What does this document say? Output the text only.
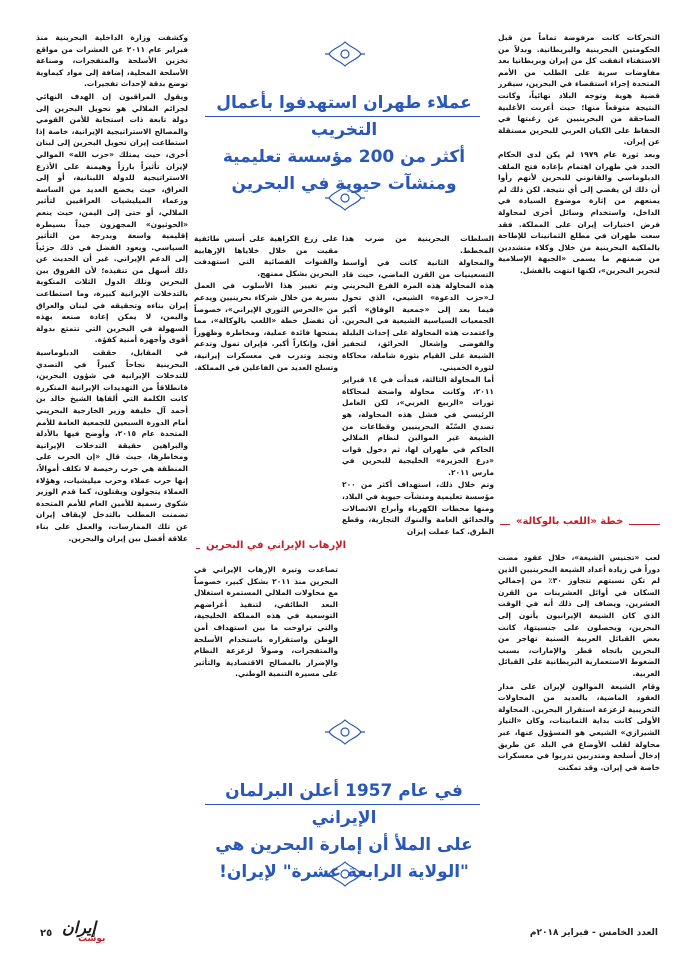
التحركات كانت مرفوضة تماماً من قبل الحكومتين البحرينية والبريطانية. وبدلاً من الاستفتاء اتفقت كل من إيران وبريطانيا بعد مفاوضات سرية على الطلب من الأمم المتحدة إجراء استقصاء في البحرين، سيقرر قضية هوية وتوجه البلاد نهائياً، وكانت النتيجة متوقعاً منها؛ حيث أعربت الأغلبية الساحقة من البحرينيين عن رغبتها في الحفاظ على الكيان العربي للبحرين مستقلة عن إيران.

وبعد ثورة عام ١٩٧٩ لم يكن لدى الحكام الجدد في طهران اهتمام بإعادة فتح الملف الدبلوماسي والقانوني للبحرين لأنهم رأوا أن ذلك لن يفضي إلى أي نتيجة. لكن ذلك لم يمنعهم من إثارة موضوع السيادة في الداخل، واستخدام وسائل أخرى لمحاولة فرض اختيارات إيران على المملكة. فقد سعت طهران في مطلع الثمانينات للإطاحة بالملكية البحرينية من خلال وكلاء متشددين من ضمنهم ما يسمى «الجبهة الإسلامية لتحرير البحرين»، لكنها انتهت بالفشل.

خطة «اللعب بالوكالة»

لعب «تجنيس الشيعة»، خلال عقود مضت دوراً في زيادة أعداد الشيعة البحرينيين الذين لم تكن نسبتهم تتجاوز ٣٠٪ من إجمالي السكان في أوائل العشرينات من القرن العشرين. ويضاف إلى ذلك أنه في الوقت الذي كان الشيعة الإيرانيون يأتون إلى البحرين، ويحصلون على جنسيتها، كانت بعض القبائل العربية السنية تهاجر من البحرين باتجاه قطر والإمارات، بسبب الضغوط الاستعمارية البريطانية على القبائل العربية.

وقام الشيعة الموالون لإيران على مدار العقود الماضية، بالعديد من المحاولات التخريبية لزعزعة استقرار البحرين. المحاولة الأولى كانت بداية الثمانينات، وكان «التيار الشيرازي» الشيعي هو المسؤول عنها، عبر محاولة لقلب الأوضاع في البلد عن طريق إدخال أسلحة ومتدربين تدربوا في معسكرات خاصة في إيران. وقد تمكنت

عملاء طهران استهدفوا بأعمال التخريب
أكثر من 200 مؤسسة تعليمية
ومنشآت حيوية في البحرين

السلطات البحرينية من ضرب هذا المخطط.

والمحاولة الثانية كانت في أواسط التسعينيات من القرن الماضي، حيث قاد هذه المحاولة هذه المرة الفرع البحريني لـ«حزب الدعوة» الشيعي، الذي تحول فيما بعد إلى «جمعية الوفاق» أكبر الجمعيات السياسية الشيعية في البحرين. واعتمدت هذه المحاولة على إحداث البلبلة والفوضى وإشعال الحرائق، لتحفيز الشيعة على القيام بثورة شاملة، محاكاة لثورة الخميني.

أما المحاولة الثالثة، فبدأت في ١٤ فبراير ٢٠١١، وكانت محاولة واضحة لمحاكاة ثورات «الربيع العربي»، لكن العامل الرئيسي في فشل هذه المحاولة، هو تصدي السّنّة البحرينيين وقطاعات من الشيعة غير الموالين لنظام الملالي الحاكم في طهران لها، ثم دخول قوات «درع الجزيرة» الخليجية للبحرين في مارس ٢٠١١.

وتم خلال ذلك، استهداف أكثر من ٢٠٠ مؤسسة تعليمية ومنشآت حيوية في البلاد، ومنها محطات الكهرباء وأبراج الاتصالات والحدائق العامة والبنوك التجارية، وقطع الطرق. كما عملت إيران

على زرع الكراهية على أسس طائفية مقيت من خلال خلاياها الإرهابية والقنوات الفضائية التي استهدفت البحرين بشكل ممنهج.

وتم تغيير هذا الأسلوب في العمل بسرية من خلال شركاء بحرينيين ويدعم من «الحرس الثوري الإيراني»، خصوصاً أن تفضل خطة «اللعب بالوكالة»، مما يمنحها فائدة عملية، ومخاطرة وظهوراً أقل، وإنكاراً أكبر. فإيران تمول وتدعم وتجند وتدرب في معسكرات إيرانية، وتسلح العديد من الفاعلين في المملكة.

الإرهاب الإيراني في البحرين

تصاعدت وتيرة الإرهاب الإيراني في البحرين منذ ٢٠١١ بشكل كبير، خصوصاً مع محاولات الملالي المستمرة استغلال البعد الطائفي، لتنفيذ أغراضهم التوسعية في هذه المملكة الخليجية، والتي تراوحت ما بين استهداف أمن الوطن واستقراره باستخدام الأسلحة والمتفجرات، وصولاً لزعزعة النظام والإضرار بالمصالح الاقتصادية والتأثير على مسيرة التنمية الوطني.

في عام 1957 أعلن البرلمان الإيراني
على الملأ أن إمارة البحرين هي
"الولاية الرابعة عشرة" لإيران!

وكشفت وزارة الداخلية البحرينية منذ فبراير عام ٢٠١١ عن العشرات من مواقع تخزين الأسلحة والمتفجرات، وصناعة الأسلحة المحلية، إضافة إلى مواد كيماوية توضع بدقة لإحداث تفجيرات.

ويقول المراقبون إن الهدف النهائي لجرائم الملالي هو تحويل البحرين إلى دولة تابعة ذات استجابة للأمن القومي والمصالح الاستراتيجية الإيرانية، خاصة إذا استطاعت إيران تحويل البحرين إلى لبنان أخرى، حيث يمتلك «حزب الله» الموالي لإيران تأثيراً بارزاً وهيمنة على الأذرع الاستراتيجية للدولة اللبنانية، أو إلى العراق، حيث يخضع العديد من الساسة وزعماء الميليشيات العراقيين لتأثير الملالي، أو حتى إلى اليمن، حيث ينعم «الحوثيون» المجهزون جيداً بسيطرة إقليمية واسعة وبدرجة من التأثير السياسي. ويعود الفضل في ذلك جزئياً إلى الدعم الإيراني. غير أن الحديث عن ذلك أسهل من تنفيذه؛ لأن الفروق بين البحرين وتلك الدول الثلاث المتكوية بالتدخلات الإيرانية كبيرة، وما استطاعت إيران بناءه وتحقيقه في لبنان والعراق واليمن، لا يمكن إعادة صنعه بهذه السهولة في البحرين التي تتمتع بدولة أقوى وأجهزة أمنية كفؤة.

في المقابل، حققت الدبلوماسية البحرينية نجاحاً كبيراً في التصدي للتدخلات الإيرانية في شؤون البحرين، فانطلاقاً من التهديدات الإيرانية المتكررة كانت الكلمة التي ألقاها الشيخ خالد بن أحمد آل خليفة وزير الخارجية البحريني أمام الدورة السبعين للجمعية العامة للأمم المتحدة عام ٢٠١٥، وأوضح فيها بالأدلة والبراهين حقيقة التدخلات الإيرانية ومخاطرها، حيث قال «إن الحرب على المنطقة هي حرب رخيصة لا تكلف أموالاً، إنها حرب عملاء وحرب ميليشيات، وهؤلاء العملاء يتجولون ويقتلون، كما قدم الوزير شكوى رسمية للأمين العام للأمم المتحدة تضمنت المطلب بالتدخل لإيقاف إيران عن تلك الممارسات، والعمل على بناء علاقة أفضل بين إيران والبحرين.

٢٥ إيران
بوست
العدد الخامس - فبراير ٢٠١٨م
